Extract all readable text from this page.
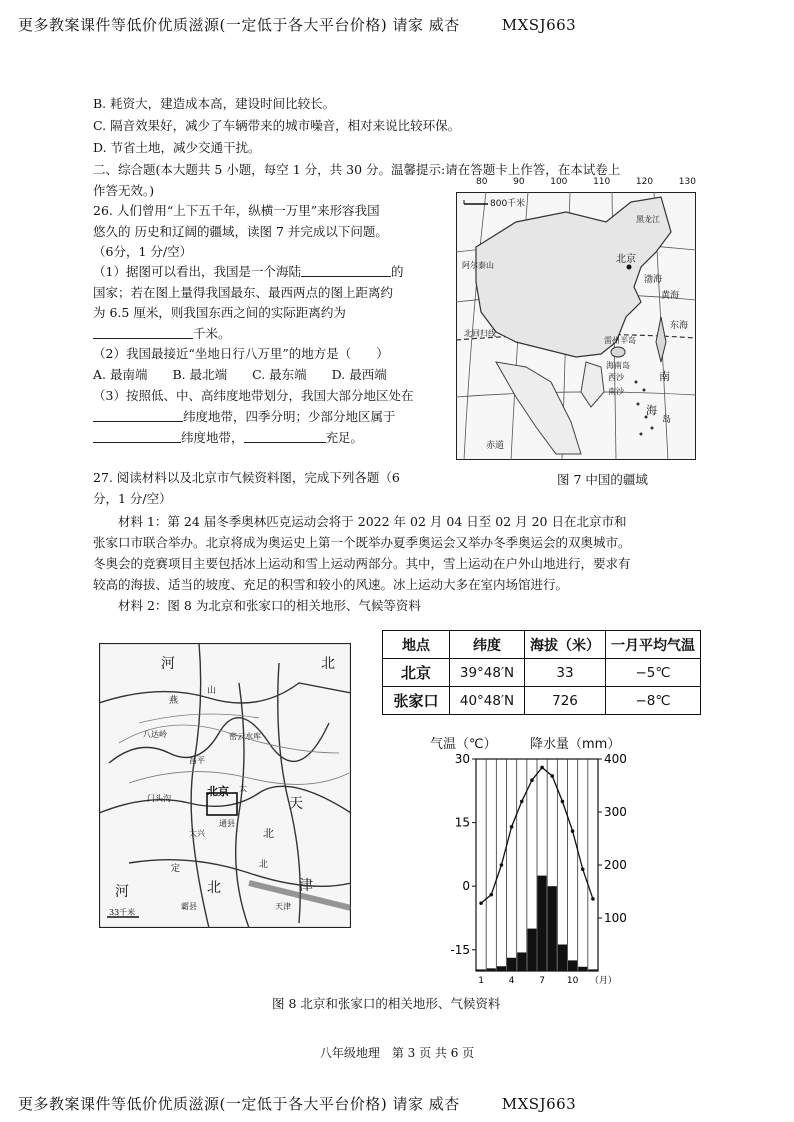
更多教案课件等低价优质滋源(一定低于各大平台价格) 请家 威杏	MXSJ663
B. 耗资大，建造成本高，建设时间比较长。
C. 隔音效果好，减少了车辆带来的城市噪音，相对来说比较环保。
D. 节省土地，减少交通干扰。
二、综合题(本大题共 5 小题，每空 1 分，共 30 分。温馨提示:请在答题卡上作答，在本试卷上
作答无效。)
26. 人们曾用“上下五千年，纵横一万里”来形容我国
悠久的 历史和辽阔的疆域，读图 7 并完成以下问题。
（6分，1 分/空）
（1）据图可以看出，我国是一个海陆	的
国家；若在图上量得我国最东、最西两点的图上距离约
为 6.5 厘米，则我国东西之间的实际距离约为
千米。
（2）我国最接近“坐地日行八万里”的地方是（　　）
A. 最南端　　B. 最北端　　C. 最东端　　D. 最西端
（3）按照低、中、高纬度地带划分，我国大部分地区处在
纬度地带，四季分明；少部分地区属于
纬度地带，	充足。
27. 阅读材料以及北京市气候资料图，完成下列各题（6
分，1 分/空）
　　材料 1：第 24 届冬季奥林匹克运动会将于 2022 年 02 月 04 日至 02 月 20 日在北京市和
张家口市联合举办。北京将成为奥运史上第一个既举办夏季奥运会又举办冬季奥运会的双奥城市。
冬奥会的竞赛项目主要包括冰上运动和雪上运动两部分。其中，雪上运动在户外山地进行，要求有
较高的海拔、适当的坡度、充足的积雪和较小的风速。冰上运动大多在室内场馆进行。
　　材料 2：图 8 为北京和张家口的相关地形、气候等资料
800千米
80	90	100	110	120	130
黑龙江
阿尔泰山
北京
渤海
黄海
东海
北回归线
雷州半岛
海南岛
西沙
南沙
南
海
岛
赤道
图 7 中国的疆域
河	北
山
燕
密云水库
八达岭
昌平
北京
门头沟
太
天
通县
大兴	北
河	北	津
定	北
霸县	天津
33千米
地点	纬度	海拔（米）	一月平均气温
北京	39°48′N	33	−5℃
张家口	40°48′N	726	−8℃
气温（℃）	降水量（mm）
30
15
0
-15
400
300
200
100
1	4	7 10 （月）
图 8 北京和张家口的相关地形、气候资料
八年级地理　第 3 页 共 6 页
更多教案课件等低价优质滋源(一定低于各大平台价格) 请家 威杏	MXSJ663
